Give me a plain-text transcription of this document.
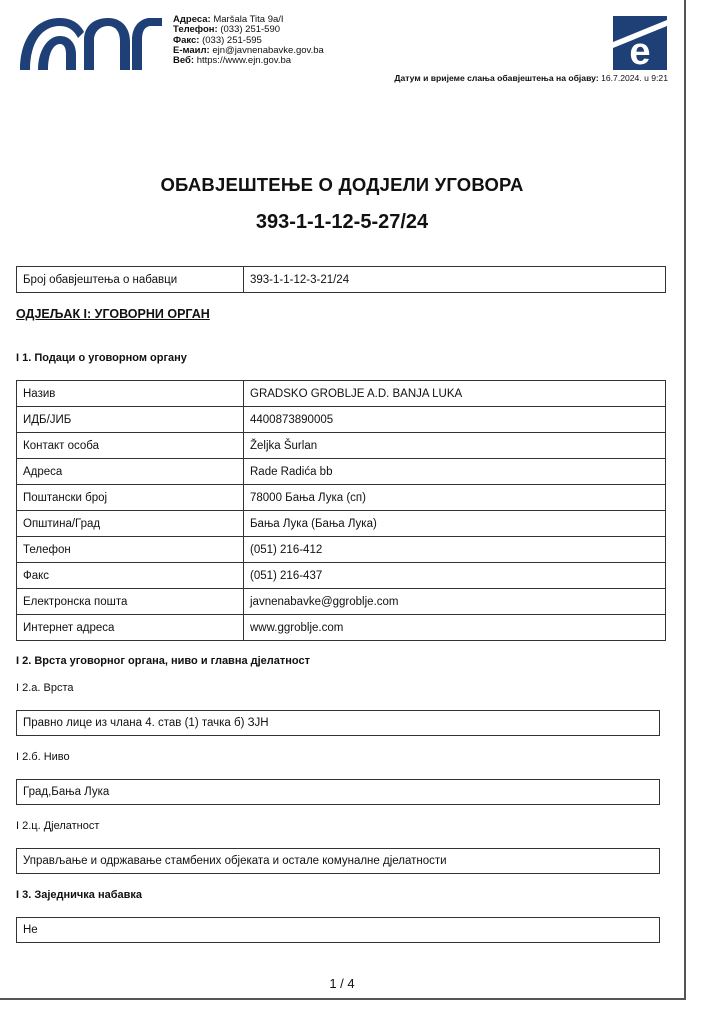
Адреса: Maršala Tita 9a/I
Телефон: (033) 251-590
Факс: (033) 251-595
E-маил: ejn@javnenabavke.gov.ba
Веб: https://www.ejn.gov.ba	e
Датум и вријеме слања обавјештења на објаву: 16.7.2024. u 9:21
ОБАВЈЕШТЕЊЕ О ДОДЈЕЛИ УГОВОРА
393-1-1-12-5-27/24
Број обавјештења о набавци	393-1-1-12-3-21/24
ОДЈЕЉАК I: УГОВОРНИ ОРГАН
I 1. Подаци о уговорном органу
Назив	GRADSKO GROBLJE A.D. BANJA LUKA
ИДБ/ЈИБ	4400873890005
Контакт особа	Željka Šurlan
Адреса	Rade Radića bb
Поштански број	78000 Бања Лука (сп)
Општина/Град	Бања Лука (Бања Лука)
Телефон	(051) 216-412
Факс	(051) 216-437
Електронска пошта	javnenabavke@ggroblje.com
Интернет адреса	www.ggroblje.com
I 2. Врста уговорног органа, ниво и главна дјелатност
I 2.а. Врста
Правно лице из члана 4. став (1) тачка б) ЗЈН
I 2.б. Ниво
Град,Бања Лука
I 2.ц. Дјелатност
Управљање и одржавање стамбених објеката и остале комуналне дјелатности
I 3. Заједничка набавка
Не
1 / 4
